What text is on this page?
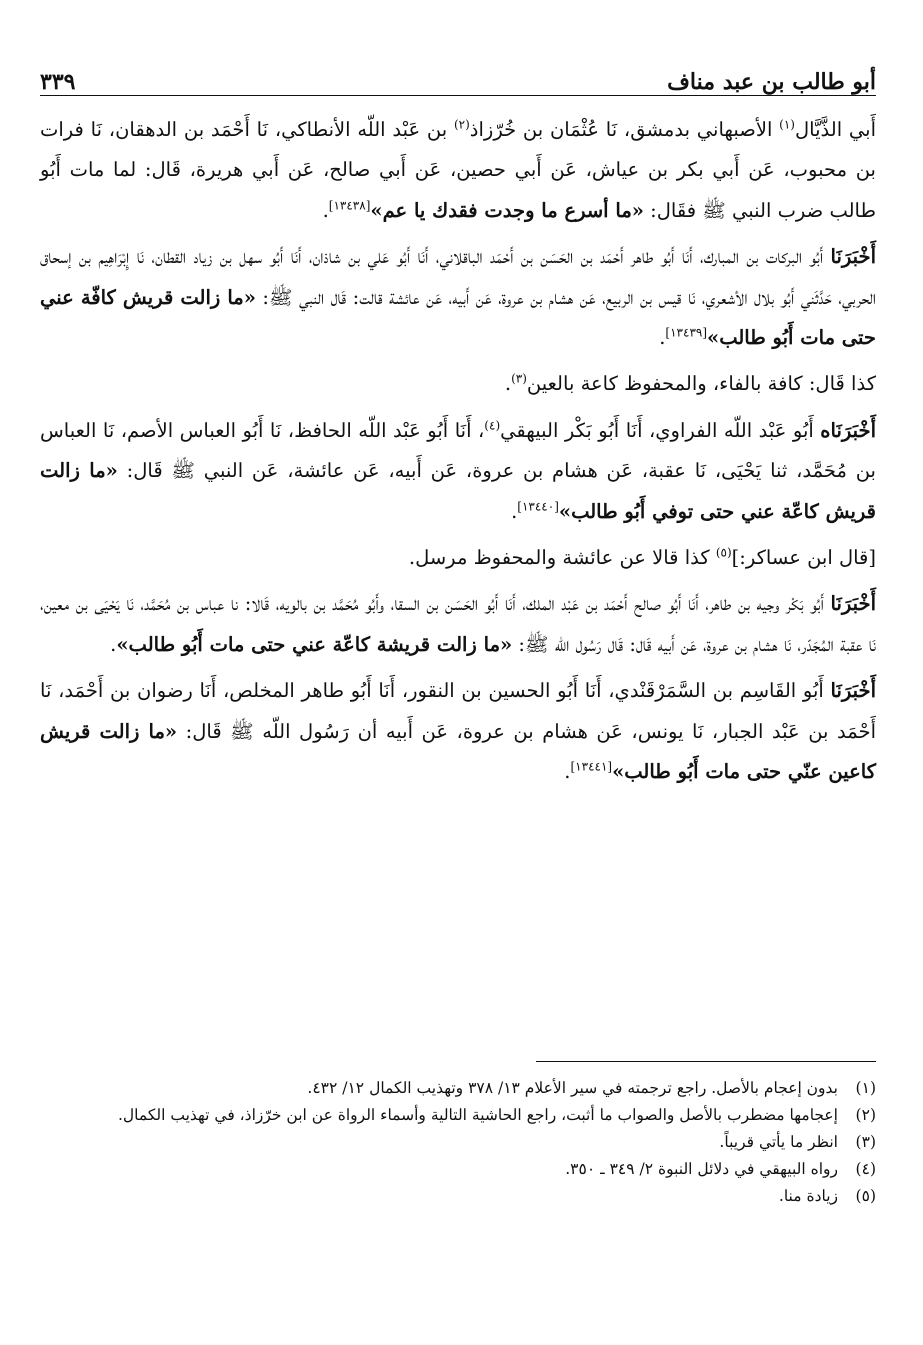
أبو طالب بن عبد مناف
٣٣٩

أَبي الذَّيَّال$^{(١)}$ الأصبهاني بدمشق، نَا عُثْمَان بن خُرّزاذ$^{(٢)}$ بن عَبْد اللّه الأنطاكي، نَا أَحْمَد بن الدهقان، نَا فرات بن محبوب، عَن أَبي بكر بن عياش، عَن أَبي حصين، عَن أَبي صالح، عَن أَبي هريرة، قَال: لما مات أَبُو طالب ضرب النبي ﷺ فقَال: «ما أسرع ما وجدت فقدك يا عم»[١٣٤٣٨].

أَخْبَرَنَا أَبُو البركات بن المبارك، أَنَا أَبُو طاهر أَحْمَد بن الحَسَن بن أَحْمَد الباقلاني، أَنَا أَبُو عَلي بن شاذان، أَنَا أَبُو سهل بن زياد القطان، نَا إِبْرَاهِيم بن إسحاق الحربي، حَدَّثَني أَبُو بلال الأشعري، نَا قيس بن الربيع، عَن هشام بن عروة، عَن أَبيه، عَن عائشة قالت: قَال النبي ﷺ: «ما زالت قريش كافّة عني حتى مات أَبُو طالب»[١٣٤٣٩].

كذا قَال: كافة بالفاء، والمحفوظ كاعة بالعين$^{(٣)}$.

أَخْبَرَنَاه أَبُو عَبْد اللّه الفراوي، أَنَا أَبُو بَكْر البيهقي$^{(٤)}$، أَنَا أَبُو عَبْد اللّه الحافظ، نَا أَبُو العباس الأصم، نَا العباس بن مُحَمَّد، ثنا يَحْيَى، نَا عقبة، عَن هشام بن عروة، عَن أَبيه، عَن عائشة، عَن النبي ﷺ قَال: «ما زالت قريش كاعّة عني حتى توفي أَبُو طالب»[١٣٤٤٠].

[قال ابن عساكر:]$^{(٥)}$ كذا قالا عن عائشة والمحفوظ مرسل.

أَخْبَرَنَا أَبُو بَكْر وجيه بن طاهر، أَنَا أَبُو صالح أَحْمَد بن عَبْد الملك، أَنَا أَبُو الحَسَن بن السقا، وأَبُو مُحَمَّد بن بالويه، قَالا: نا عباس بن مُحَمَّد، نَا يَحْيَى بن معين، نَا عقبة المُجَدّر، نَا هشام بن عروة، عَن أَبيه قَال: قَال رَسُول اللّه ﷺ: «ما زالت قريشة كاعّة عني حتى مات أَبُو طالب».

أَخْبَرَنَا أَبُو القَاسِم بن السَّمَرْقَنْدي، أَنَا أَبُو الحسين بن النقور، أَنَا أَبُو طاهر المخلص، أَنَا رضوان بن أَحْمَد، نَا أَحْمَد بن عَبْد الجبار، نَا يونس، عَن هشام بن عروة، عَن أَبيه أن رَسُول اللّه ﷺ قَال: «ما زالت قريش كاعين عنّي حتى مات أَبُو طالب»[١٣٤٤١].

(١)
بدون إعجام بالأصل. راجع ترجمته في سير الأعلام ١٣/ ٣٧٨ وتهذيب الكمال ١٢/ ٤٣٢.
(٢)
إعجامها مضطرب بالأصل والصواب ما أثبت، راجع الحاشية التالية وأسماء الرواة عن ابن خرّزاذ، في تهذيب الكمال.
(٣)
انظر ما يأتي قريباً.
(٤)
رواه البيهقي في دلائل النبوة ٢/ ٣٤٩ ـ ٣٥٠.
(٥)
زيادة منا.
